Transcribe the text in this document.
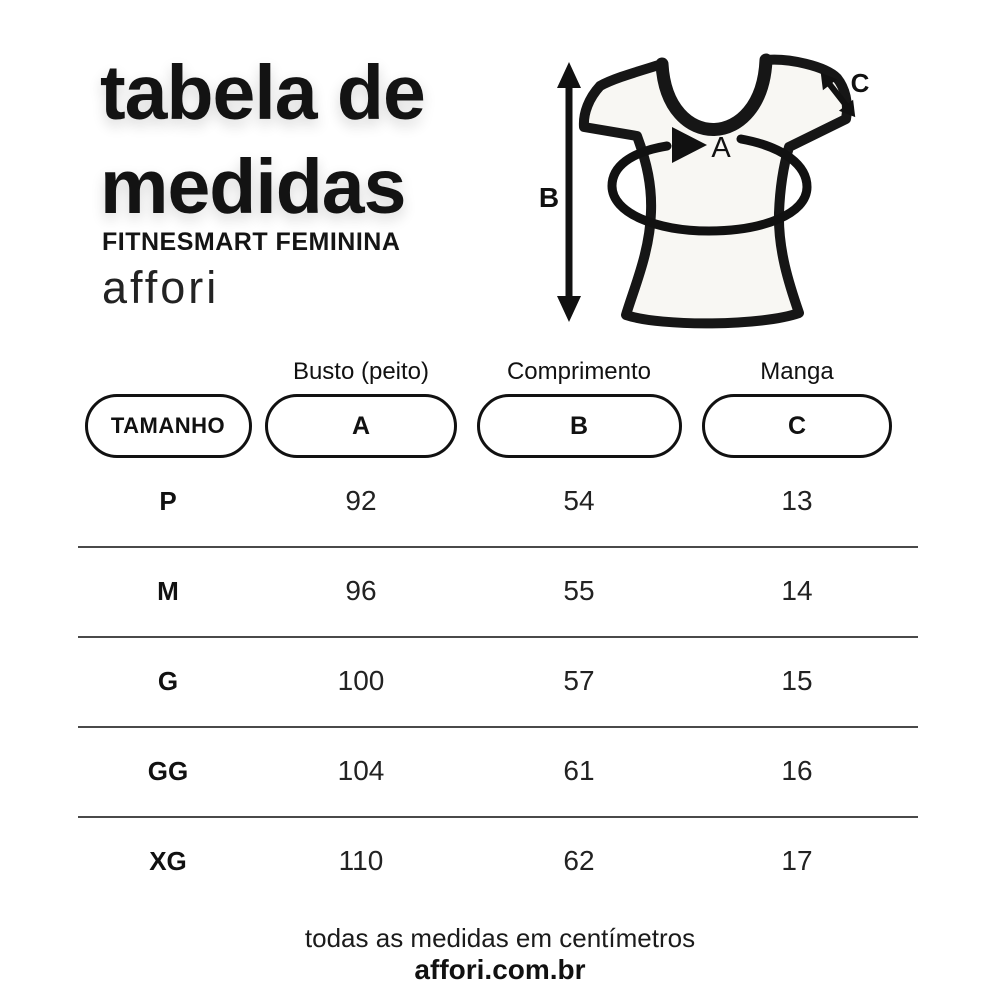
tabela de
medidas
FITNESMART FEMININA
affori
A
B
C
Busto (peito)	Comprimento	Manga
TAMANHO	A	B	C
P	92	54	13
M	96	55	14
G	100	57	15
GG	104	61	16
XG	110	62	17
todas as medidas em centímetros
affori.com.br
